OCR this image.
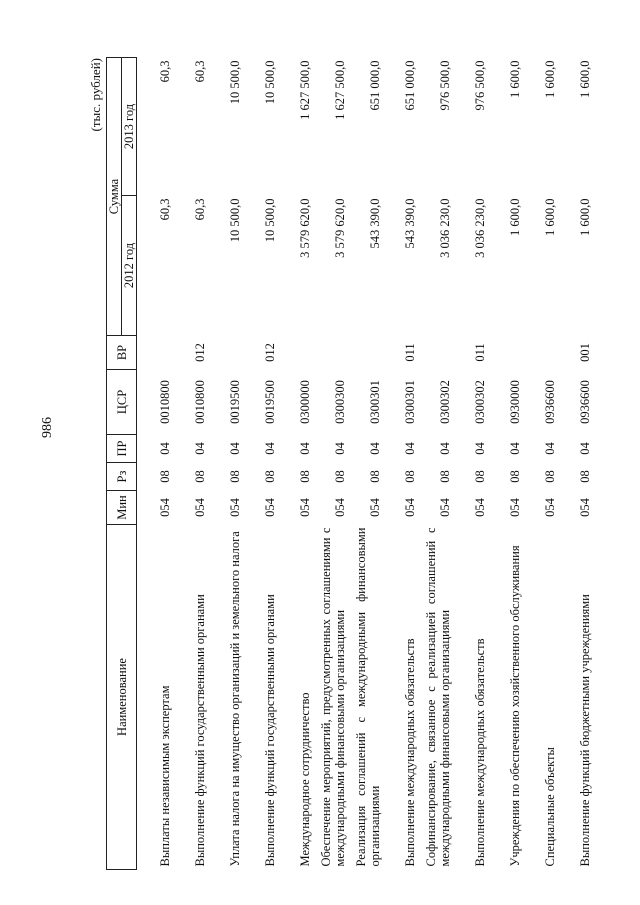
986
(тыс. рублей)
Наименование	Мин	Рз	ПР	ЦСР	ВР	Сумма	
						2012 год	2013 год
Выплаты независимым экспертам	054	08	04	0010800		60,3	60,3
Выполнение функций государственными органами	054	08	04	0010800	012	60,3	60,3
Уплата налога на имущество организаций и земельного налога	054	08	04	0019500		10 500,0	10 500,0
Выполнение функций государственными органами	054	08	04	0019500	012	10 500,0	10 500,0
Международное сотрудничество	054	08	04	0300000		3 579 620,0	1 627 500,0
Обеспечение мероприятий, предусмотренных соглашениями с международными финансовыми организациями	054	08	04	0300300		3 579 620,0	1 627 500,0
Реализация соглашений с международными финансовыми организациями	054	08	04	0300301		543 390,0	651 000,0
Выполнение международных обязательств	054	08	04	0300301	011	543 390,0	651 000,0
Софинансирование, связанное с реализацией соглашений с международными финансовыми организациями	054	08	04	0300302		3 036 230,0	976 500,0
Выполнение международных обязательств	054	08	04	0300302	011	3 036 230,0	976 500,0
Учреждения по обеспечению хозяйственного обслуживания	054	08	04	0930000		1 600,0	1 600,0
Специальные объекты	054	08	04	0936600		1 600,0	1 600,0
Выполнение функций бюджетными учреждениями	054	08	04	0936600	001	1 600,0	1 600,0
